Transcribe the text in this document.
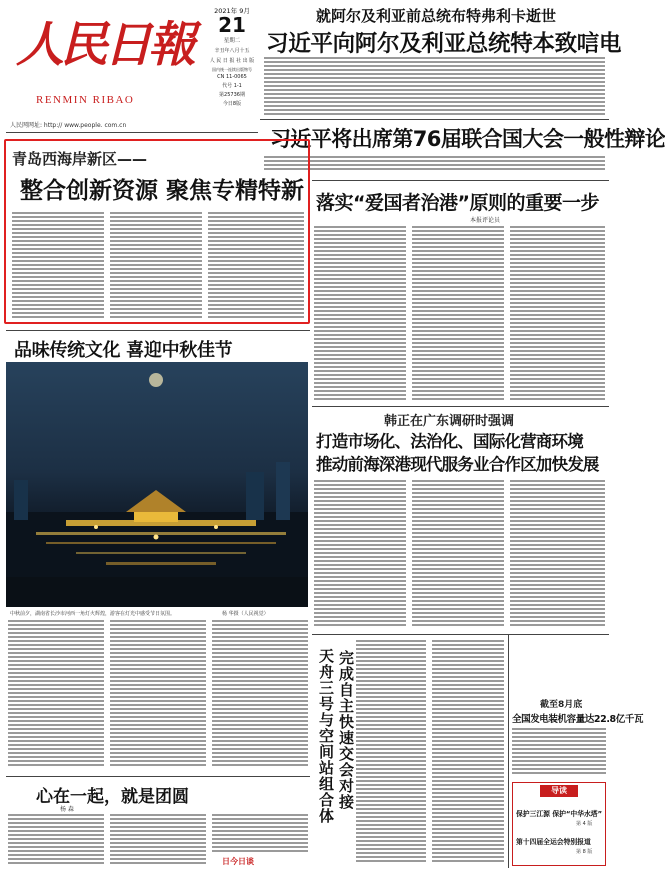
人民日報
RENMIN RIBAO
人民网网址: http:// www.people. com.cn
2021年 9月
21
星期二
辛丑年八月十五
人 民 日 报 社 出 版
国内统一连续出版物号
CN 11-0065
代号 1-1
第25736期
今日8版
就阿尔及利亚前总统布特弗利卡逝世
习近平向阿尔及利亚总统特本致唁电
习近平将出席第76届联合国大会一般性辩论
青岛西海岸新区——
整合创新资源 聚焦专精特新 落实“爱国者治港”原则的重要一步
本报评论员
品味传统文化 喜迎中秋佳节
中秋前夕，湖南省长沙市河西一角灯火辉煌，游客在灯光中感受节日氛围。	杨 华摄（人民视觉）
心在一起，就是团圆
杨 森
日今日谈
韩正在广东调研时强调
打造市场化、法治化、国际化营商环境
推动前海深港现代服务业合作区加快发展
完成自主快速交会对接
天舟三号与空间站组合体	截至8月底
全国发电装机容量达22.8亿千瓦
导读
保护三江源 保护“中华水塔”
第 4 版
第十四届全运会特别报道
第 8 版
